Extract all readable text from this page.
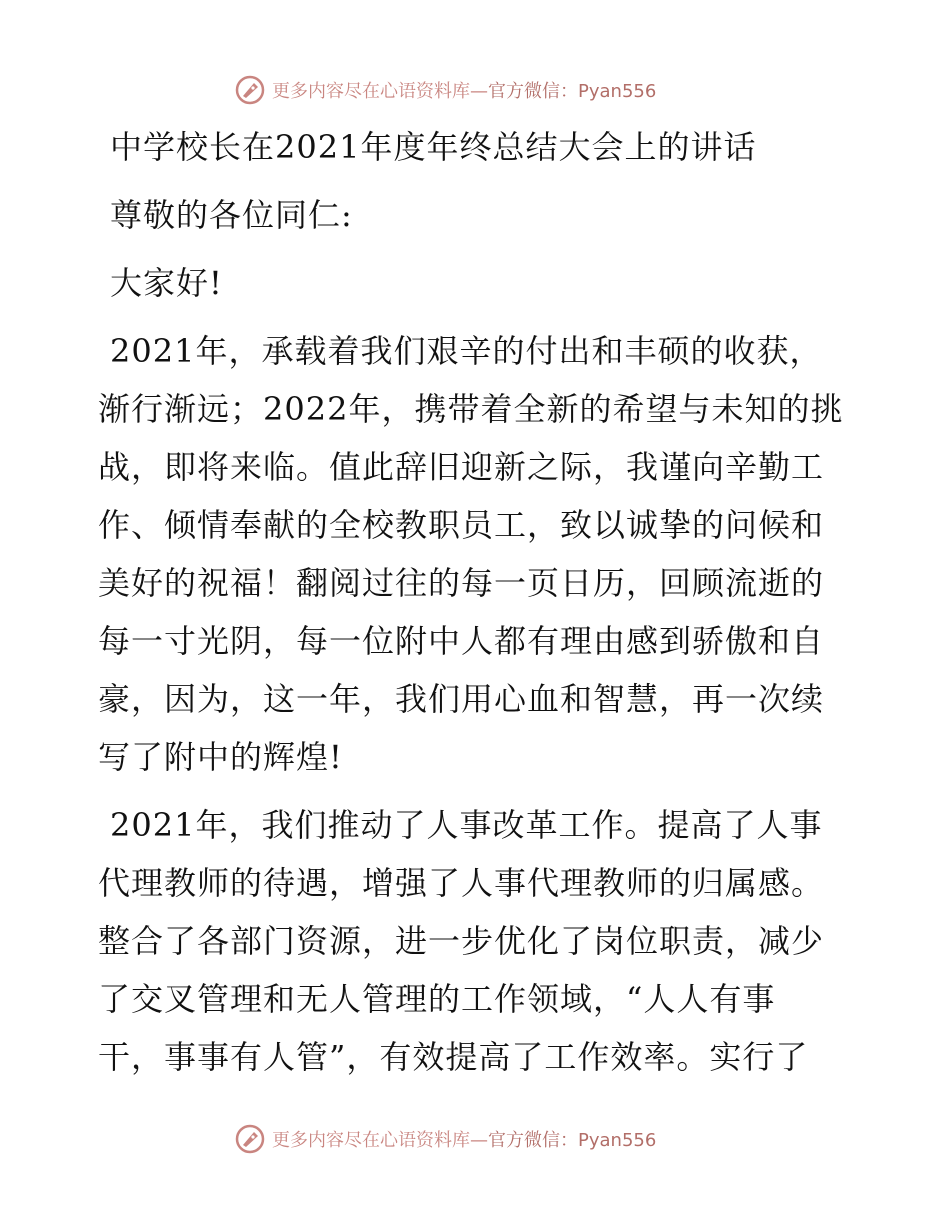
更多内容尽在心语资料库—官方微信：Pyan556
中学校长在2021年度年终总结大会上的讲话
尊敬的各位同仁:
大家好!
2021年，承载着我们艰辛的付出和丰硕的收获，
渐行渐远；2022年，携带着全新的希望与未知的挑
战，即将来临。值此辞旧迎新之际，我谨向辛勤工
作、倾情奉献的全校教职员工，致以诚挚的问候和
美好的祝福！翻阅过往的每一页日历，回顾流逝的
每一寸光阴，每一位附中人都有理由感到骄傲和自
豪，因为，这一年，我们用心血和智慧，再一次续
写了附中的辉煌!
2021年，我们推动了人事改革工作。提高了人事
代理教师的待遇，增强了人事代理教师的归属感。
整合了各部门资源，进一步优化了岗位职责，减少
了交叉管理和无人管理的工作领域，“人人有事
干，事事有人管”，有效提高了工作效率。实行了
更多内容尽在心语资料库—官方微信：Pyan556
